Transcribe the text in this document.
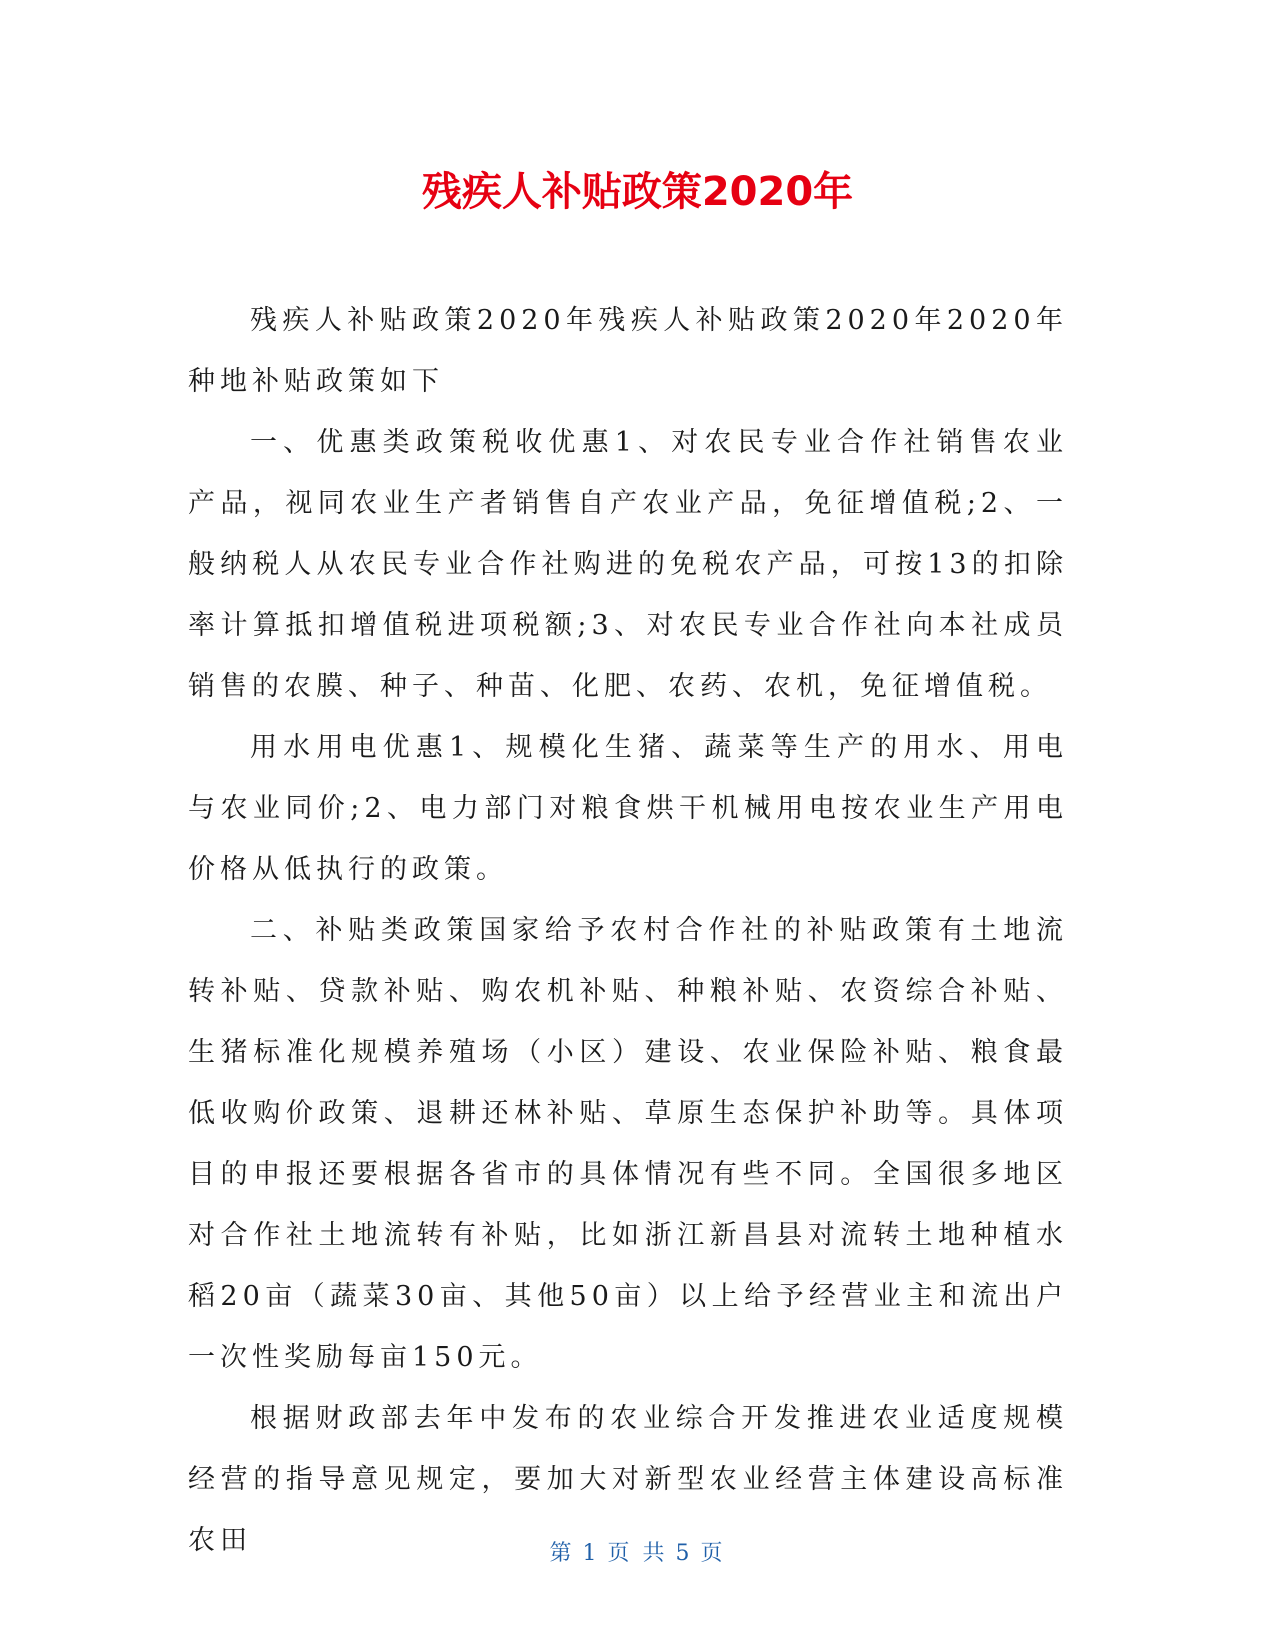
残疾人补贴政策2020年

残疾人补贴政策2020年残疾人补贴政策2020年2020年种地补贴政策如下

一、优惠类政策税收优惠1、对农民专业合作社销售农业产品，视同农业生产者销售自产农业产品，免征增值税;2、一般纳税人从农民专业合作社购进的免税农产品，可按13的扣除率计算抵扣增值税进项税额;3、对农民专业合作社向本社成员销售的农膜、种子、种苗、化肥、农药、农机，免征增值税。

用水用电优惠1、规模化生猪、蔬菜等生产的用水、用电与农业同价;2、电力部门对粮食烘干机械用电按农业生产用电价格从低执行的政策。

二、补贴类政策国家给予农村合作社的补贴政策有土地流转补贴、贷款补贴、购农机补贴、种粮补贴、农资综合补贴、生猪标准化规模养殖场（小区）建设、农业保险补贴、粮食最低收购价政策、退耕还林补贴、草原生态保护补助等。具体项目的申报还要根据各省市的具体情况有些不同。全国很多地区对合作社土地流转有补贴，比如浙江新昌县对流转土地种植水稻20亩（蔬菜30亩、其他50亩）以上给予经营业主和流出户一次性奖励每亩150元。

根据财政部去年中发布的农业综合开发推进农业适度规模经营的指导意见规定，要加大对新型农业经营主体建设高标准农田	第 1 页 共 5 页
